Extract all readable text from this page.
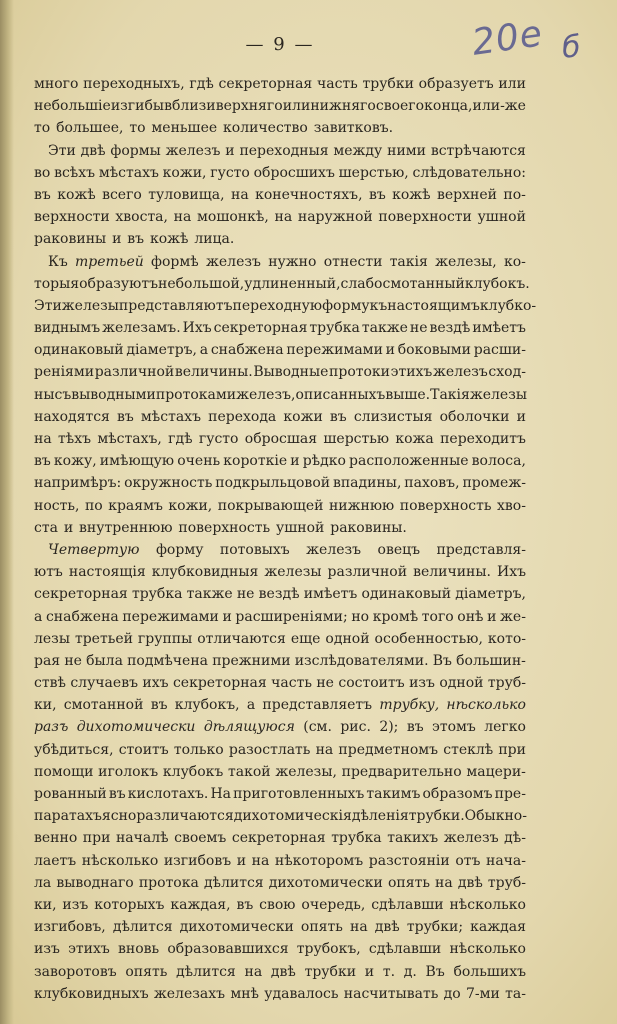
— 9 —	20e б
много переходныхъ, гдѣ секреторная часть трубки образуетъ или
небольшіе изгибы вблизи верхняго или нижняго своего конца, или-же
то большее, то меньшее количество завитковъ.
Эти двѣ формы железъ и переходныя между ними встрѣчаются
во всѣхъ мѣстахъ кожи, густо обросшихъ шерстью, слѣдовательно:
въ кожѣ всего туловища, на конечностяхъ, въ кожѣ верхней по-
верхности хвоста, на мошонкѣ, на наружной поверхности ушной
раковины и въ кожѣ лица.
Къ третьей формѣ железъ нужно отнести такія железы, ко-
торыя образуютъ небольшой, удлиненный, слабо смотанный клубокъ.
Эти железы представляютъ переходную форму къ настоящимъ клубко-
виднымъ железамъ. Ихъ секреторная трубка также не вездѣ имѣетъ
одинаковый діаметръ, а снабжена пережимами и боковыми расши-
реніями различной величины. Выводные протоки этихъ железъ сход-
ны съ выводными протоками железъ, описанныхъ выше. Такія железы
находятся въ мѣстахъ перехода кожи въ слизистыя оболочки и
на тѣхъ мѣстахъ, гдѣ густо обросшая шерстью кожа переходитъ
въ кожу, имѣющую очень короткіе и рѣдко расположенные волоса,
напримѣръ: окружность подкрыльцовой впадины, паховъ, промеж-
ность, по краямъ кожи, покрывающей нижнюю поверхность хво-
ста и внутреннюю поверхность ушной раковины.
Четвертую форму потовыхъ железъ овецъ представля-
ютъ настоящія клубковидныя железы различной величины. Ихъ
секреторная трубка также не вездѣ имѣетъ одинаковый діаметръ,
а снабжена пережимами и расширеніями; но кромѣ того онѣ и же-
лезы третьей группы отличаются еще одной особенностью, кото-
рая не была подмѣчена прежними изслѣдователями. Въ большин-
ствѣ случаевъ ихъ секреторная часть не состоитъ изъ одной труб-
ки, смотанной въ клубокъ, а представляетъ трубку, нѣсколько
разъ дихотомически дѣлящуюся (см. рис. 2); въ этомъ легко
убѣдиться, стоитъ только разостлать на предметномъ стеклѣ при
помощи иголокъ клубокъ такой железы, предварительно мацери-
рованный въ кислотахъ. На приготовленныхъ такимъ образомъ пре-
паратахъ ясно различаются дихотомическія дѣленія трубки. Обыкно-
венно при началѣ своемъ секреторная трубка такихъ железъ дѣ-
лаетъ нѣсколько изгибовъ и на нѣкоторомъ разстояніи отъ нача-
ла выводнаго протока дѣлится дихотомически опять на двѣ труб-
ки, изъ которыхъ каждая, въ свою очередь, сдѣлавши нѣсколько
изгибовъ, дѣлится дихотомически опять на двѣ трубки; каждая
изъ этихъ вновь образовавшихся трубокъ, сдѣлавши нѣсколько
заворотовъ опять дѣлится на двѣ трубки и т. д. Въ большихъ
клубковидныхъ железахъ мнѣ удавалось насчитывать до 7-ми та-
